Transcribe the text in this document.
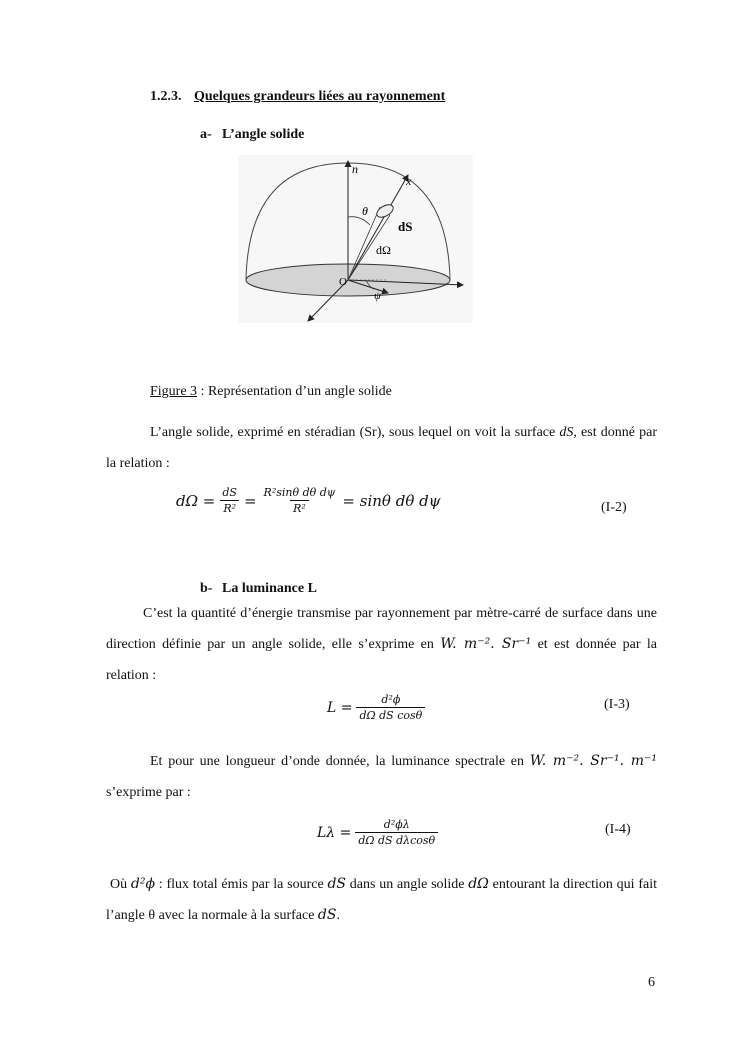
1.2.3. Quelques grandeurs liées au rayonnement
a- L’angle solide
n
x
θ
dS
dΩ
O
ψ
Figure 3 : Représentation d’un angle solide
L’angle solide, exprimé en stéradian (Sr), sous lequel on voit la surface dS, est donné par la relation :
$d\Omega = \frac{dS}{\text{R²}} = \frac{\text{R²sinθ dθ dψ}}{\text{R²}} = \sin\theta$ dθ dψ	(I-2)
b- La luminance L
C’est la quantité d’énergie transmise par rayonnement par mètre-carré de surface dans une direction définie par un angle solide, elle s’exprime en W. m⁻². Sr⁻¹ et est donnée par la relation :
$L = \frac{\text{d²ϕ}}{\text{dΩ dS cosθ}}$	(I-3)
Et pour une longueur d’onde donnée, la luminance spectrale en W. m⁻². Sr⁻¹. m⁻¹ s’exprime par :
$L\lambda = \frac{\text{d²ϕλ}}{\text{dΩ dS dλcosθ}}$	(I-4)
Où d²ϕ : flux total émis par la source dS dans un angle solide dΩ entourant la direction qui fait l’angle θ avec la normale à la surface dS.
6
